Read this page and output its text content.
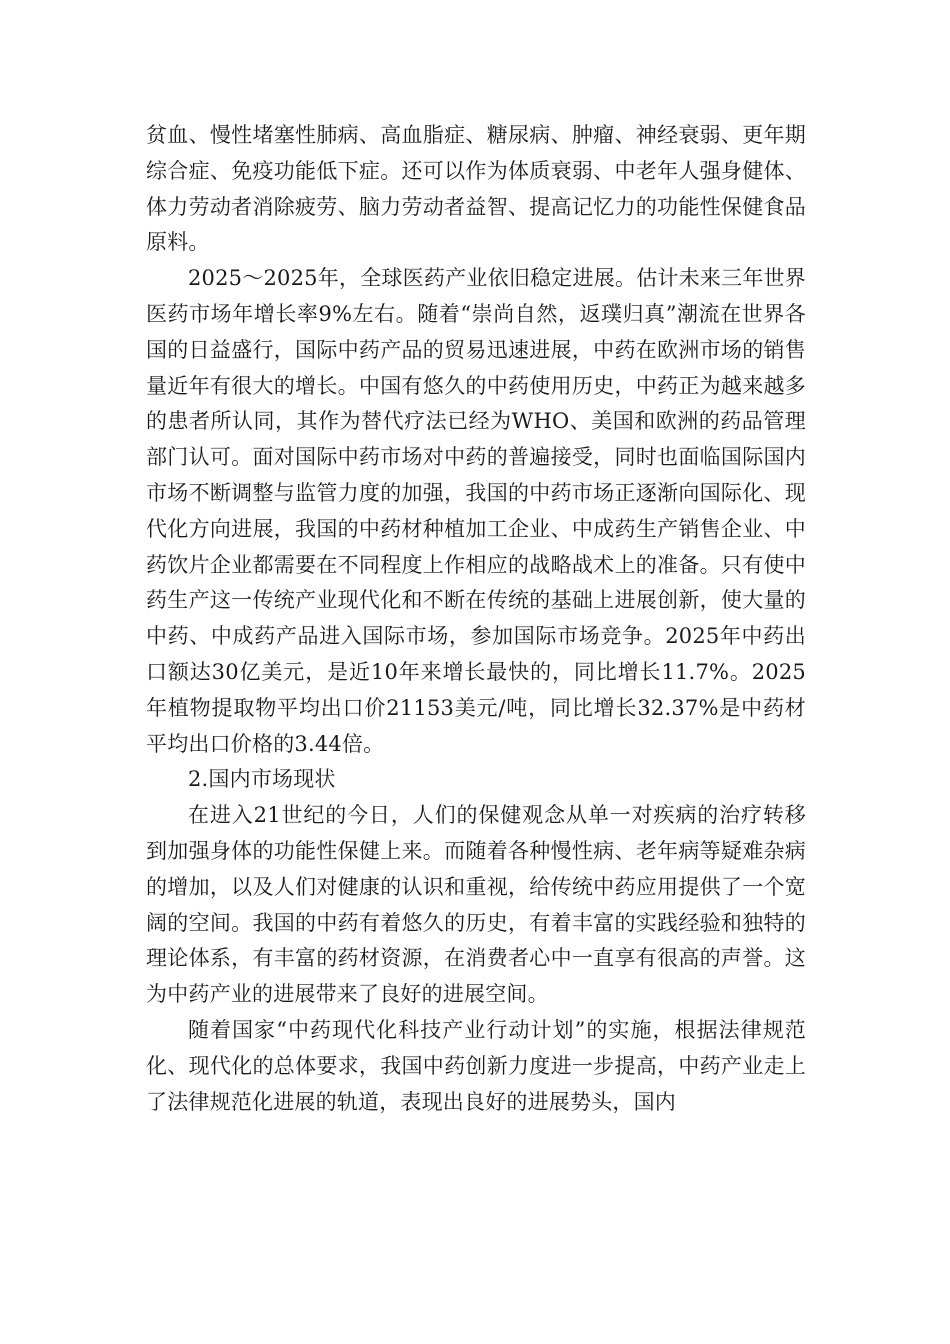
贫血、慢性堵塞性肺病、高血脂症、糖尿病、肿瘤、神经衰弱、更年期综合症、免疫功能低下症。还可以作为体质衰弱、中老年人强身健体、体力劳动者消除疲劳、脑力劳动者益智、提高记忆力的功能性保健食品原料。

2025～2025年，全球医药产业依旧稳定进展。估计未来三年世界医药市场年增长率9%左右。随着“崇尚自然，返璞归真”潮流在世界各国的日益盛行，国际中药产品的贸易迅速进展，中药在欧洲市场的销售量近年有很大的增长。中国有悠久的中药使用历史，中药正为越来越多的患者所认同，其作为替代疗法已经为WHO、美国和欧洲的药品管理部门认可。面对国际中药市场对中药的普遍接受，同时也面临国际国内市场不断调整与监管力度的加强，我国的中药市场正逐渐向国际化、现代化方向进展，我国的中药材种植加工企业、中成药生产销售企业、中药饮片企业都需要在不同程度上作相应的战略战术上的准备。只有使中药生产这一传统产业现代化和不断在传统的基础上进展创新，使大量的中药、中成药产品进入国际市场，参加国际市场竞争。2025年中药出口额达30亿美元，是近10年来增长最快的，同比增长11.7%。2025年植物提取物平均出口价21153美元/吨，同比增长32.37%是中药材平均出口价格的3.44倍。

2.国内市场现状

在进入21世纪的今日，人们的保健观念从单一对疾病的治疗转移到加强身体的功能性保健上来。而随着各种慢性病、老年病等疑难杂病的增加，以及人们对健康的认识和重视，给传统中药应用提供了一个宽阔的空间。我国的中药有着悠久的历史，有着丰富的实践经验和独特的理论体系，有丰富的药材资源，在消费者心中一直享有很高的声誉。这为中药产业的进展带来了良好的进展空间。

随着国家“中药现代化科技产业行动计划”的实施，根据法律规范化、现代化的总体要求，我国中药创新力度进一步提高，中药产业走上了法律规范化进展的轨道，表现出良好的进展势头，国内
